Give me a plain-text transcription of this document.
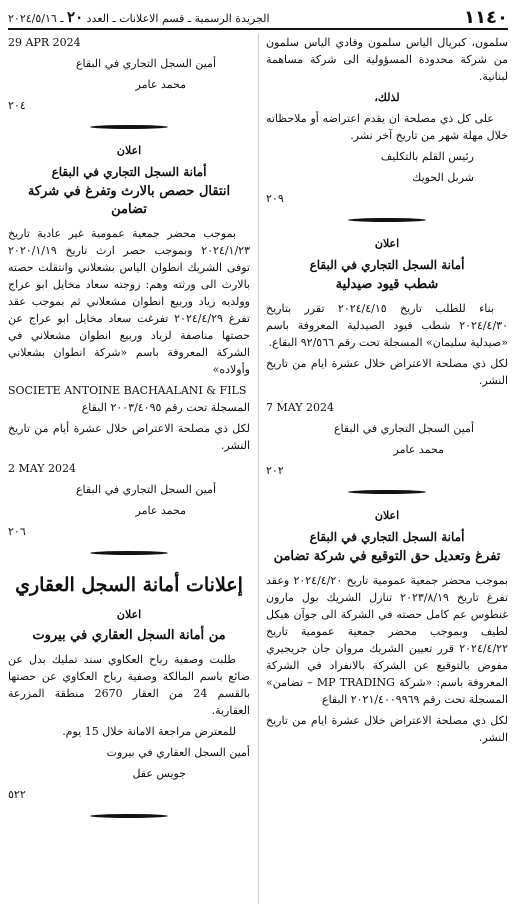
١١٤٠
الجريدة الرسمية ـ قسم الاعلانات ـ العدد ٢٠ ـ ٢٠٢٤/٥/١٦

سلمون، كبريال الياس سلمون وفادي الياس سلمون من شركة محدودة المسؤولية الى شركة مساهمة لبنانية.

لذلك،

على كل ذي مصلحة ان يقدم اعتراضه أو ملاحظاته خلال مهلة شهر من تاريخ آخر نشر.

رئيس القلم بالتكليف

شربل الحويك

٢٠٩

اعلان

أمانة السجل التجاري في البقاع

شطب قيود صيدلية

بناء للطلب تاريخ ٢٠٢٤/٤/١٥ تقرر بتاريخ ٢٠٢٤/٤/٣٠ شطب قيود الصيدلية المعروفة باسم «صيدلية سليمان» المسجلة تحت رقم ٩٢/٥٦٦ البقاع.

لكل ذي مصلحة الاعتراض خلال عشرة ايام من تاريخ النشر.

7 MAY 2024

أمين السجل التجاري في البقاع

محمد عامر

٢٠٢

اعلان

أمانة السجل التجاري في البقاع

تفرغ وتعديل حق التوقيع في شركة تضامن

بموجب محضر جمعية عمومية تاريخ ٢٠٢٤/٤/٢٠ وعقد تفرغ تاريخ ٢٠٢٣/٨/١٩ تنازل الشريك بول مارون غنطوس عم كامل حصته في الشركة الى جوآن هيكل لطيف وبموجب محضر جمعية عمومية تاريخ ٢٠٢٤/٤/٢٢ قرر تعيين الشريك مروان جان جريجيري مفوض بالتوقيع عن الشركة بالانفراد في الشركة المعروفة باسم: «شركة MP TRADING – تضامن» المسجلة تحت رقم ٢٠٢١/٤٠٠٩٩٦٩ البقاع

لكل ذي مصلحة الاعتراض خلال عشرة ايام من تاريخ النشر.

29 APR 2024

أمين السجل التجاري في البقاع

محمد عامر

٢٠٤

اعلان

أمانة السجل التجاري في البقاع

انتقال حصص بالارث وتفرغ في شركة تضامن

بموجب محضر جمعية عمومية غير عادية تاريخ ٢٠٢٤/١/٢٣ وبموجب حصر ارث تاريخ ٢٠٢٠/١/١٩ توفى الشريك انطوان الياس بشعلاني وانتقلت حصته بالارث الى ورثته وهم: زوجته سعاد مخايل ابو عراج وولديه زياد وربيع انطوان مشعلاني ثم بموجب عقد تفرغ ٢٠٢٤/٤/٢٩ تفرغت سعاد مخايل ابو عراج عن حصتها مناصفة لزياد وربيع انطوان مشعلاني في الشركة المعروفة باسم «شركة انطوان بشعلاني وأولاده»

SOCIETE ANTOINE BACHAALANI & FILS

المسجلة تحت رقم ٢٠٠٣/٤٠٩٥ البقاع

لكل ذي مصلحة الاعتراض خلال عشرة أيام من تاريخ النشر.

2 MAY 2024

أمين السجل التجاري في البقاع

محمد عامر

٢٠٦

إعلانات أمانة السجل العقاري

اعلان

من أمانة السجل العقاري في بيروت

طلبت وصفية رباح العكاوي سند تمليك بدل عن ضائع باسم المالكة وصفية رباح العكاوي عن حصتها بالقسم 24 من العقار 2670 منطقة المزرعة العقارية.

للمعترض مراجعة الامانة خلال 15 يوم.

أمين السجل العقاري في بيروت

جويس عقل

٥٢٢
